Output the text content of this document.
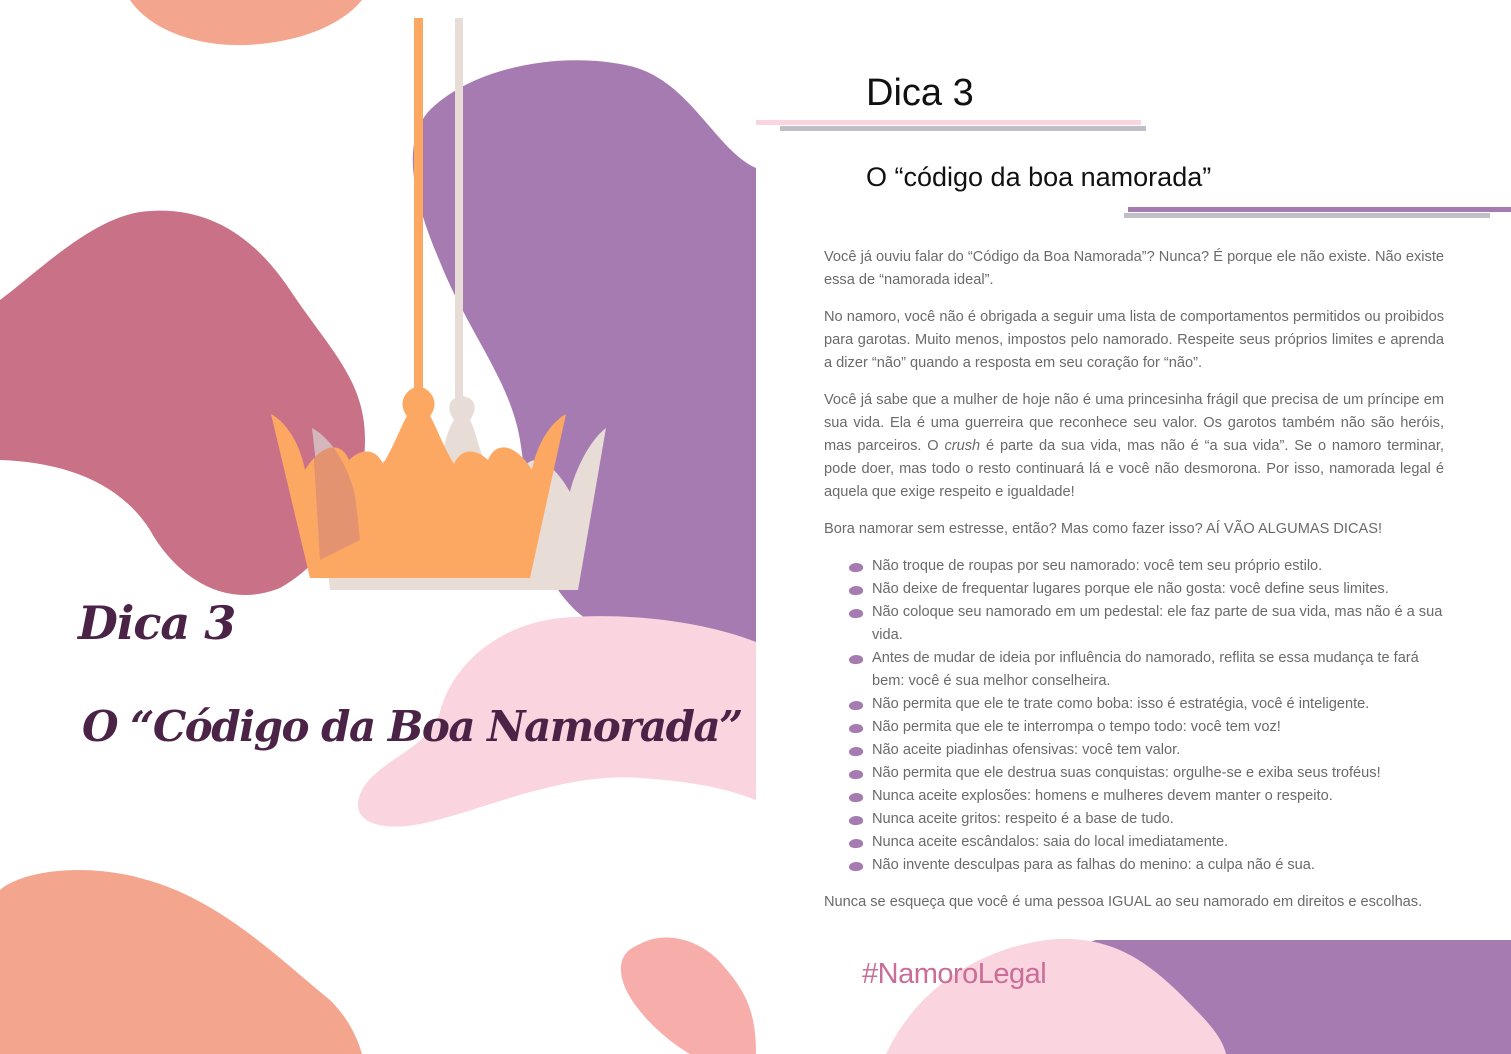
Dica 3
O “Código da Boa Namorada”
Dica 3
O “código da boa namorada”

Você já ouviu falar do “Código da Boa Namorada”? Nunca? É porque ele não existe. Não existe essa de “namorada ideal”.

No namoro, você não é obrigada a seguir uma lista de comportamentos permitidos ou proibidos para garotas. Muito menos, impostos pelo namorado. Respeite seus próprios limites e aprenda a dizer “não” quando a resposta em seu coração for “não”.

Você já sabe que a mulher de hoje não é uma princesinha frágil que precisa de um príncipe em sua vida. Ela é uma guerreira que reconhece seu valor. Os garotos também não são heróis, mas parceiros. O crush é parte da sua vida, mas não é “a sua vida”. Se o namoro terminar, pode doer, mas todo o resto continuará lá e você não desmorona. Por isso, namorada legal é aquela que exige respeito e igualdade!

Bora namorar sem estresse, então? Mas como fazer isso? AÍ VÃO ALGUMAS DICAS!

Não troque de roupas por seu namorado: você tem seu próprio estilo.
Não deixe de frequentar lugares porque ele não gosta: você define seus limites.
Não coloque seu namorado em um pedestal: ele faz parte de sua vida, mas não é a sua vida.
Antes de mudar de ideia por influência do namorado, reflita se essa mudança te fará bem: você é sua melhor conselheira.
Não permita que ele te trate como boba: isso é estratégia, você é inteligente.
Não permita que ele te interrompa o tempo todo: você tem voz!
Não aceite piadinhas ofensivas: você tem valor.
Não permita que ele destrua suas conquistas: orgulhe-se e exiba seus troféus!
Nunca aceite explosões: homens e mulheres devem manter o respeito.
Nunca aceite gritos: respeito é a base de tudo.
Nunca aceite escândalos: saia do local imediatamente.
Não invente desculpas para as falhas do menino: a culpa não é sua.

Nunca se esqueça que você é uma pessoa IGUAL ao seu namorado em direitos e escolhas.

#NamoroLegal
